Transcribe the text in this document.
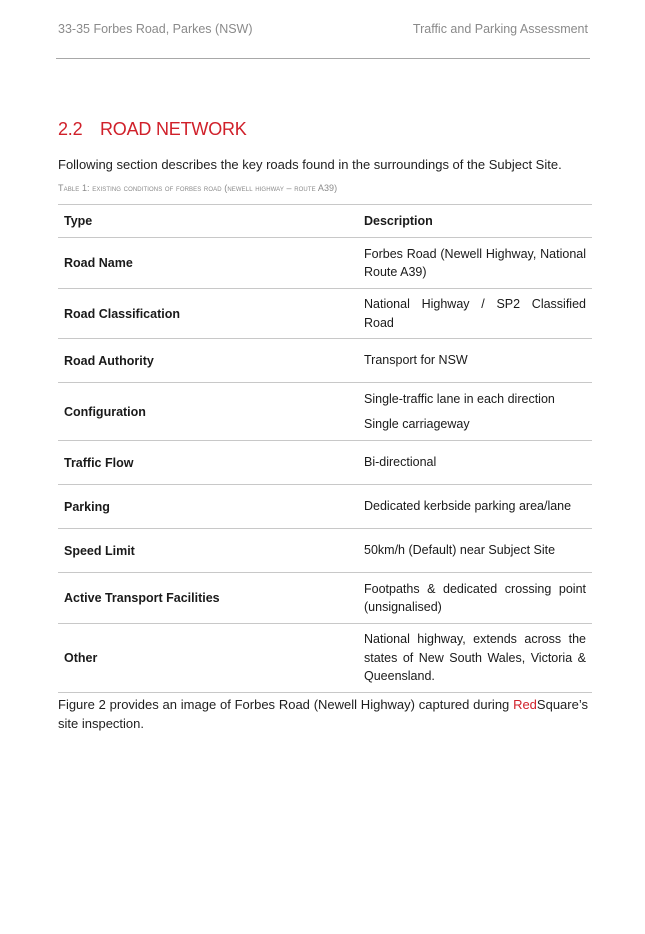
33-35 Forbes Road, Parkes (NSW)	Traffic and Parking Assessment
2.2 ROAD NETWORK
Following section describes the key roads found in the surroundings of the Subject Site.
Table 1: existing conditions of forbes road (newell highway – route A39)
Type	Description
Road Name	Forbes Road (Newell Highway, National Route A39)
Road Classification	National Highway / SP2 Classified Road
Road Authority	Transport for NSW
Configuration	Single-traffic lane in each direction
Single carriageway

Traffic Flow	Bi-directional
Parking	Dedicated kerbside parking area/lane
Speed Limit	50km/h (Default) near Subject Site
Active Transport Facilities	Footpaths & dedicated crossing point (unsignalised)
Other	National highway, extends across the states of New South Wales, Victoria & Queensland.
Figure 2 provides an image of Forbes Road (Newell Highway) captured during RedSquare’s site inspection.
